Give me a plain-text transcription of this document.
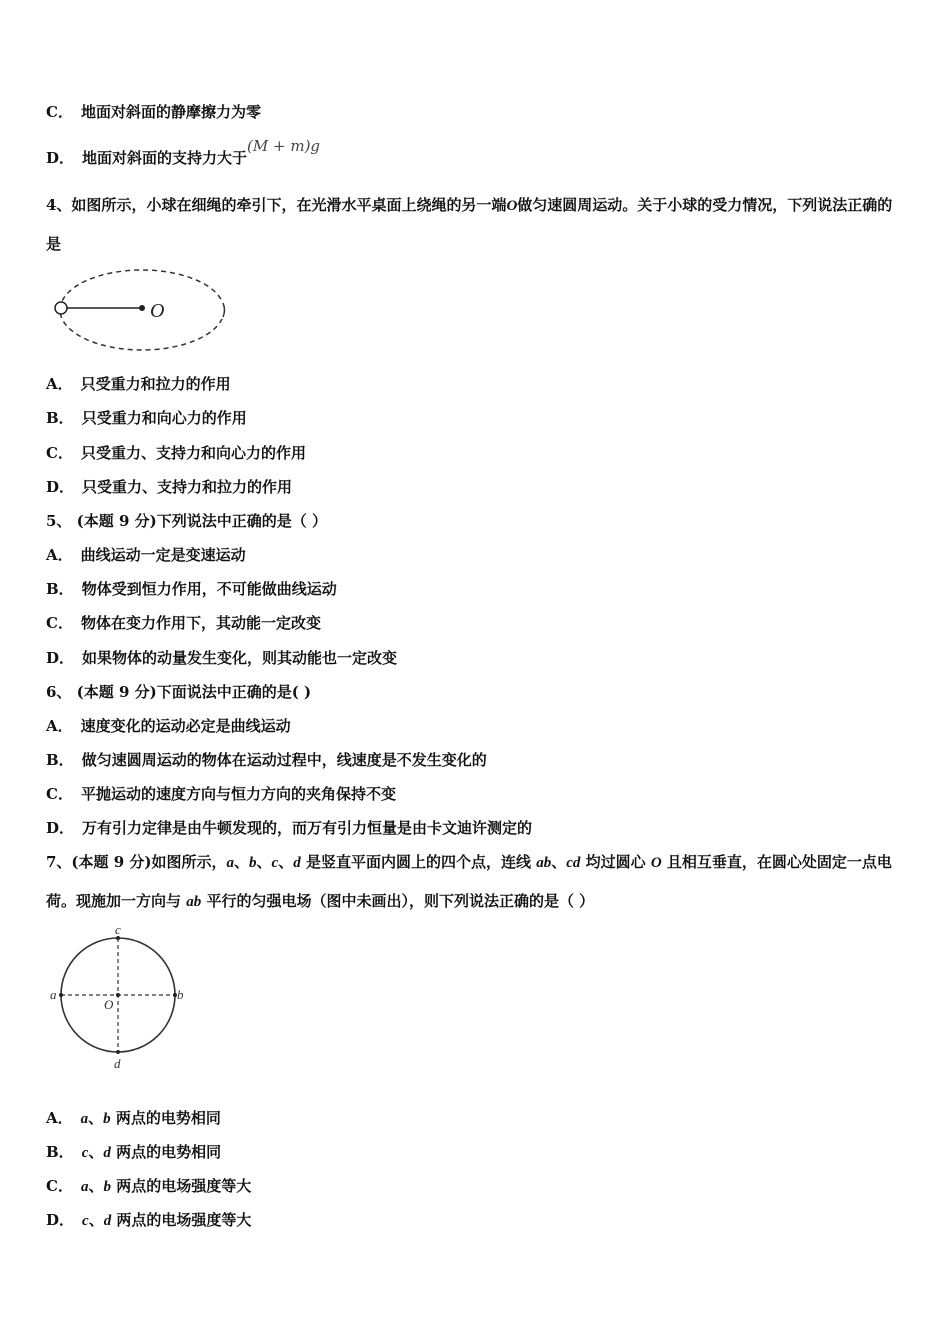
C． 地面对斜面的静摩擦力为零
D． 地面对斜面的支持力大于(M + m)g
4、如图所示，小球在细绳的牵引下，在光滑水平桌面上绕绳的另一端O做匀速圆周运动。关于小球的受力情况，下列说法正确的是
O
A． 只受重力和拉力的作用
B． 只受重力和向心力的作用
C． 只受重力、支持力和向心力的作用
D． 只受重力、支持力和拉力的作用
5、 (本题 9 分)下列说法中正确的是（ ）
A． 曲线运动一定是变速运动
B． 物体受到恒力作用，不可能做曲线运动
C． 物体在变力作用下，其动能一定改变
D． 如果物体的动量发生变化，则其动能也一定改变
6、 (本题 9 分)下面说法中正确的是( )
A． 速度变化的运动必定是曲线运动
B． 做匀速圆周运动的物体在运动过程中，线速度是不发生变化的
C． 平抛运动的速度方向与恒力方向的夹角保持不变
D． 万有引力定律是由牛顿发现的，而万有引力恒量是由卡文迪许测定的
7、(本题 9 分)如图所示，a、b、c、d 是竖直平面内圆上的四个点，连线 ab、cd 均过圆心 O 且相互垂直，在圆心处固定一点电荷。现施加一方向与 ab 平行的匀强电场（图中未画出），则下列说法正确的是（ ）
a	b
c
d
O
A． a、b 两点的电势相同
B． c、d 两点的电势相同
C． a、b 两点的电场强度等大
D． c、d 两点的电场强度等大
